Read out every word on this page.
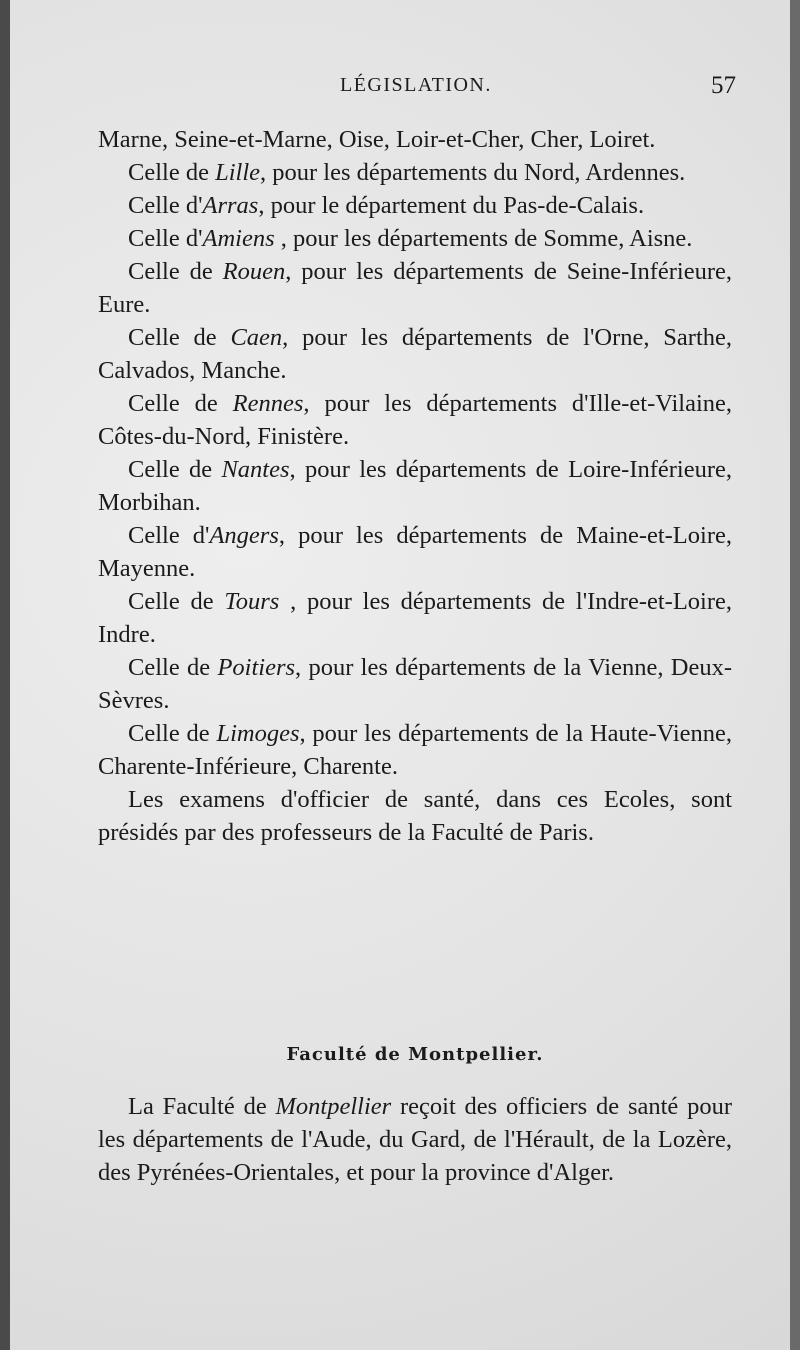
LÉGISLATION.	57

Marne, Seine-et-Marne, Oise, Loir-et-Cher, Cher, Loiret.

Celle de Lille, pour les départements du Nord, Ardennes.

Celle d'Arras, pour le département du Pas-de-Calais.

Celle d'Amiens , pour les départements de Somme, Aisne.

Celle de Rouen, pour les départements de Seine-Inférieure, Eure.

Celle de Caen, pour les départements de l'Orne, Sarthe, Calvados, Manche.

Celle de Rennes, pour les départements d'Ille-et-Vilaine, Côtes-du-Nord, Finistère.

Celle de Nantes, pour les départements de Loire-Inférieure, Morbihan.

Celle d'Angers, pour les départements de Maine-et-Loire, Mayenne.

Celle de Tours , pour les départements de l'Indre-et-Loire, Indre.

Celle de Poitiers, pour les départements de la Vienne, Deux-Sèvres.

Celle de Limoges, pour les départements de la Haute-Vienne, Charente-Inférieure, Charente.

Les examens d'officier de santé, dans ces Ecoles, sont présidés par des professeurs de la Faculté de Paris.

Faculté de Montpellier.

La Faculté de Montpellier reçoit des officiers de santé pour les départements de l'Aude, du Gard, de l'Hérault, de la Lozère, des Pyrénées-Orientales, et pour la province d'Alger.
